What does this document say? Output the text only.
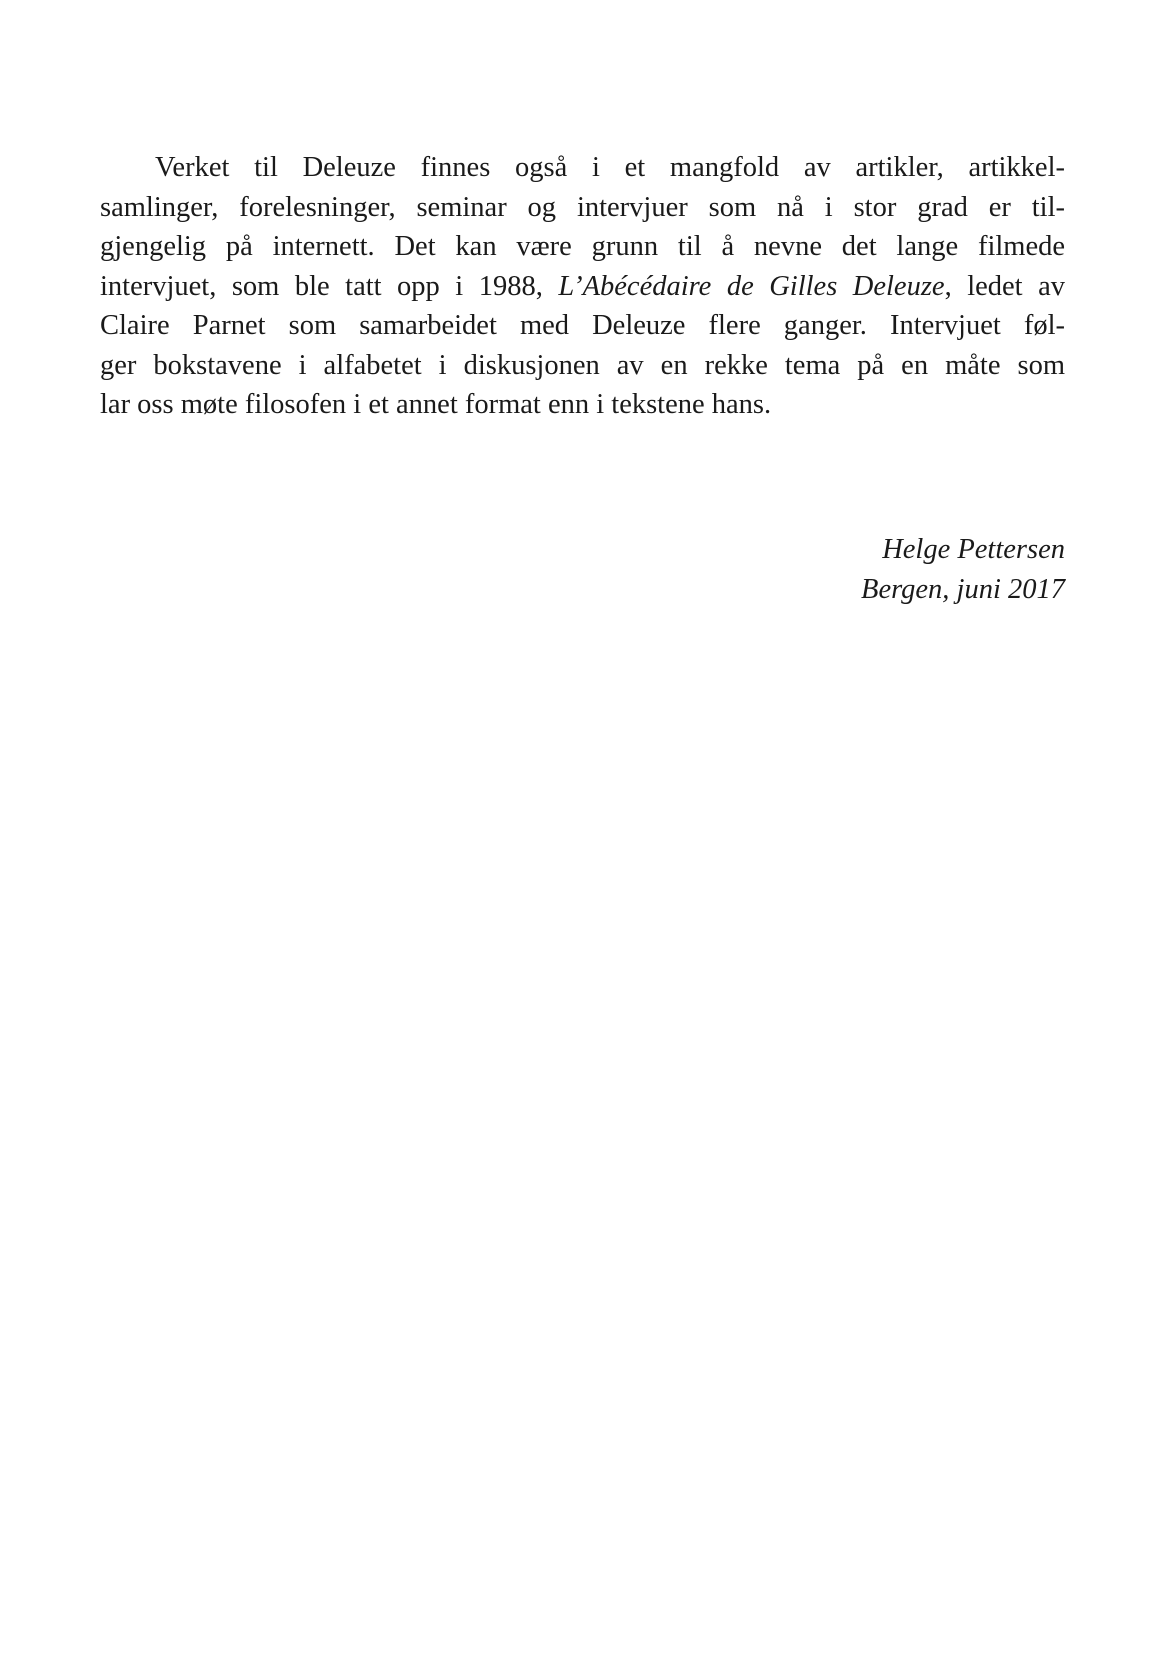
Verket til Deleuze finnes også i et mangfold av artikler, artikkel-
samlinger, forelesninger, seminar og intervjuer som nå i stor grad er til-
gjengelig på internett. Det kan være grunn til å nevne det lange filmede
intervjuet, som ble tatt opp i 1988, L’Abécédaire de Gilles Deleuze, ledet av
Claire Parnet som samarbeidet med Deleuze flere ganger. Intervjuet føl-
ger bokstavene i alfabetet i diskusjonen av en rekke tema på en måte som
lar oss møte filosofen i et annet format enn i tekstene hans.
Helge Pettersen
Bergen, juni 2017
